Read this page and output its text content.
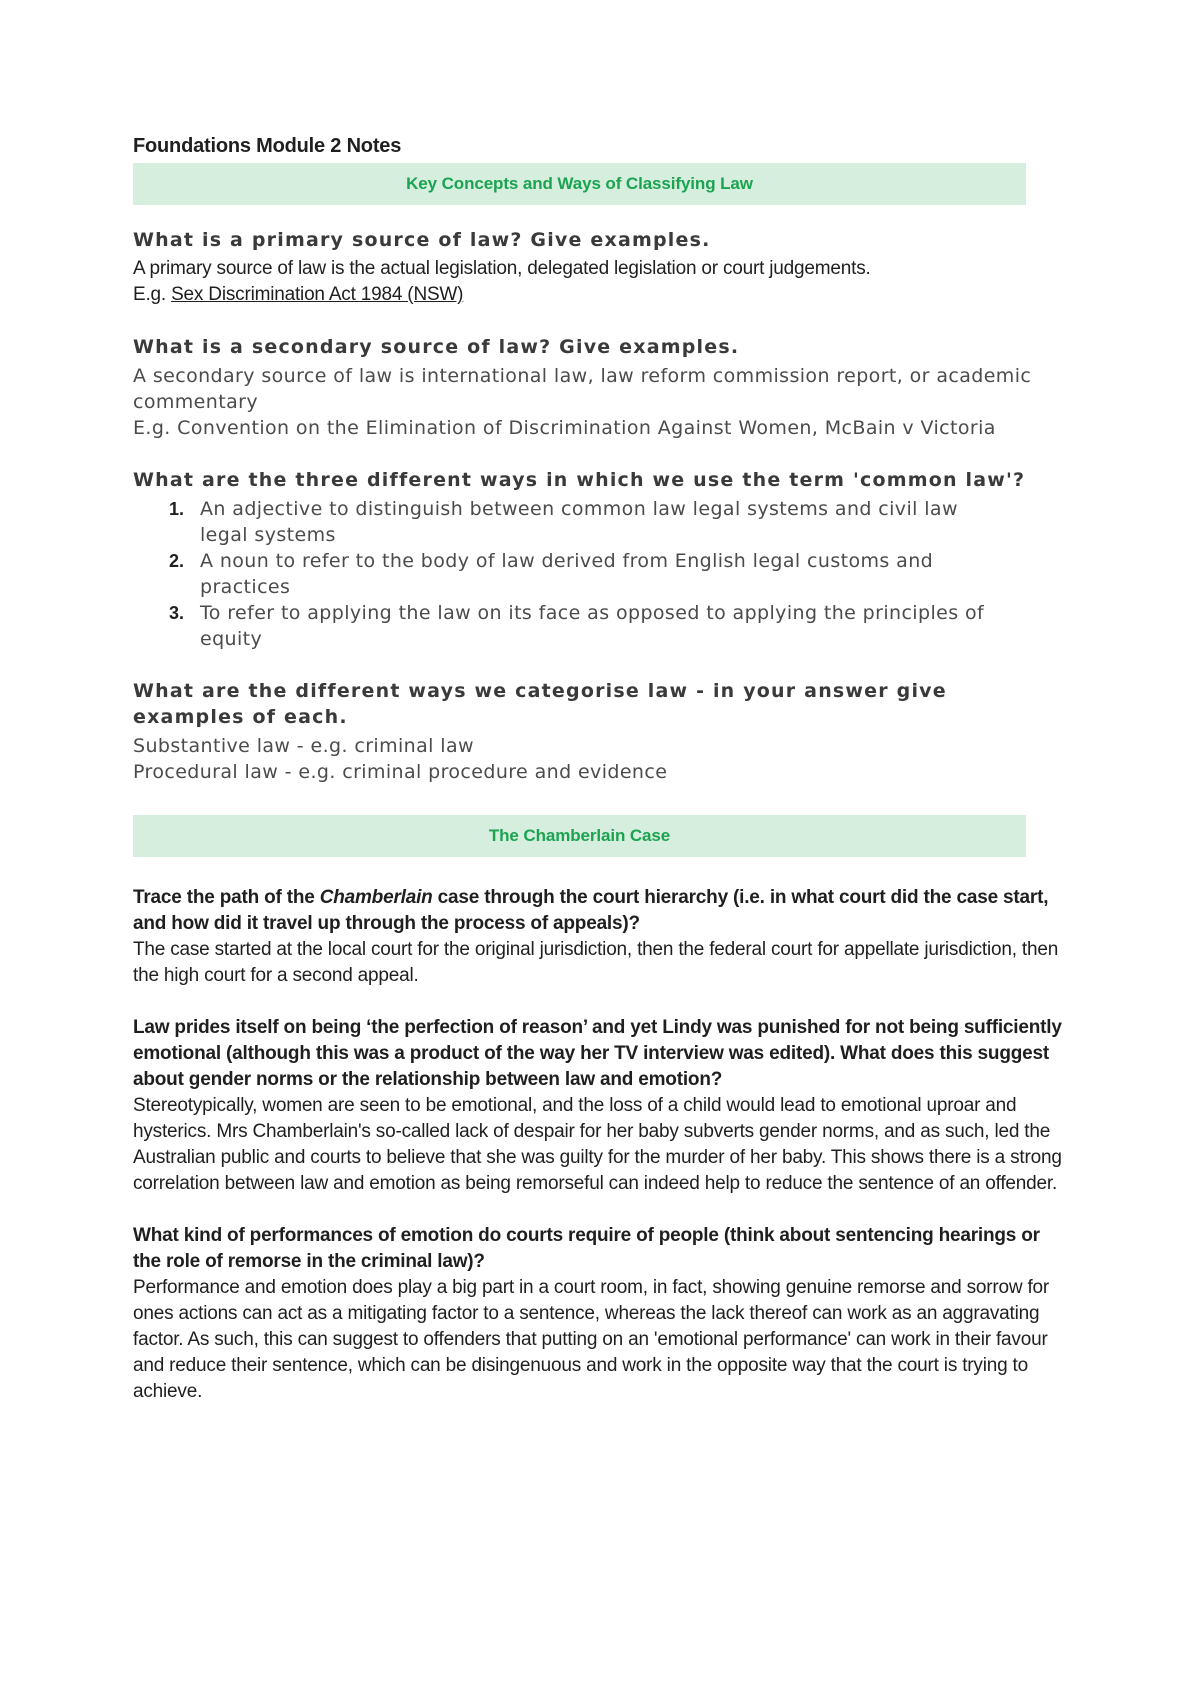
Foundations Module 2 Notes
Key Concepts and Ways of Classifying Law
What is a primary source of law? Give examples.

A primary source of law is the actual legislation, delegated legislation or court judgements.

E.g. Sex Discrimination Act 1984 (NSW)

What is a secondary source of law? Give examples.

A secondary source of law is international law, law reform commission report, or academic commentary

E.g. Convention on the Elimination of Discrimination Against Women, McBain v Victoria

What are the three different ways in which we use the term 'common law'?
1. An adjective to distinguish between common law legal systems and civil law legal systems
2. A noun to refer to the body of law derived from English legal customs and practices
3. To refer to applying the law on its face as opposed to applying the principles of equity
What are the different ways we categorise law - in your answer give examples of each.

Substantive law - e.g. criminal law

Procedural law - e.g. criminal procedure and evidence

The Chamberlain Case

Trace the path of the Chamberlain case through the court hierarchy (i.e. in what court did the case start, and how did it travel up through the process of appeals)?

The case started at the local court for the original jurisdiction, then the federal court for appellate jurisdiction, then the high court for a second appeal.

Law prides itself on being ‘the perfection of reason’ and yet Lindy was punished for not being sufficiently emotional (although this was a product of the way her TV interview was edited). What does this suggest about gender norms or the relationship between law and emotion?

Stereotypically, women are seen to be emotional, and the loss of a child would lead to emotional uproar and hysterics. Mrs Chamberlain's so-called lack of despair for her baby subverts gender norms, and as such, led the Australian public and courts to believe that she was guilty for the murder of her baby. This shows there is a strong correlation between law and emotion as being remorseful can indeed help to reduce the sentence of an offender.

What kind of performances of emotion do courts require of people (think about sentencing hearings or the role of remorse in the criminal law)?

Performance and emotion does play a big part in a court room, in fact, showing genuine remorse and sorrow for ones actions can act as a mitigating factor to a sentence, whereas the lack thereof can work as an aggravating factor. As such, this can suggest to offenders that putting on an 'emotional performance' can work in their favour and reduce their sentence, which can be disingenuous and work in the opposite way that the court is trying to achieve.
